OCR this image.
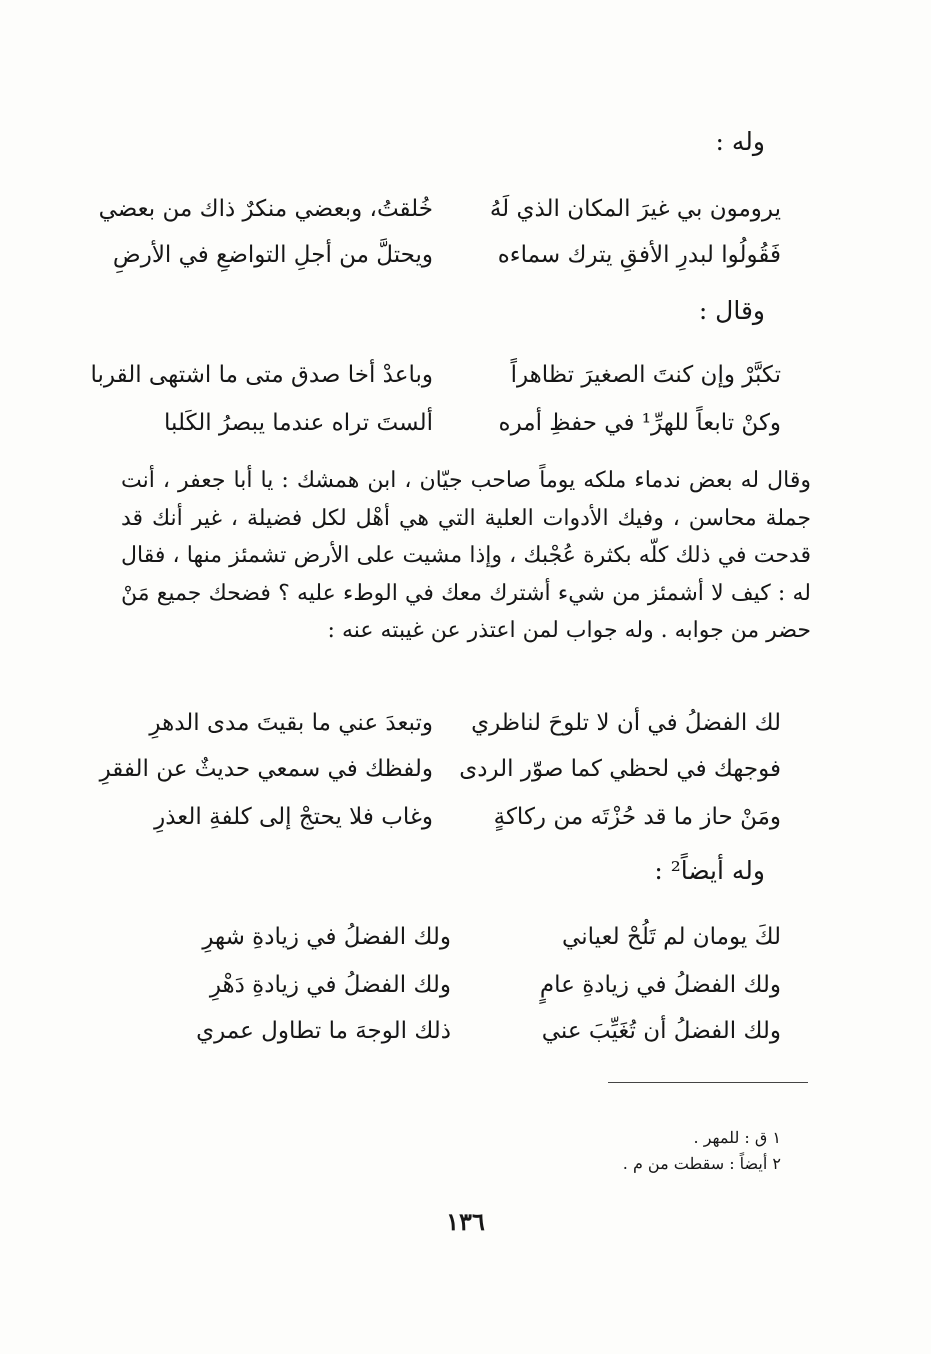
وله :
يرومون بي غيرَ المكان الذي لَهُ
خُلقتُ، وبعضي منكرٌ ذاك من بعضي
فَقُولُوا لبدرِ الأفقِ يترك سماءه
ويحتلَّ من أجلِ التواضعِ في الأرضِ
وقال :
تكبَّرْ وإن كنتَ الصغيرَ تظاهراً
وباعدْ أخا صدق متى ما اشتهى القربا
وكنْ تابعاً للهرِّ¹ في حفظِ أمره
ألستَ تراه عندما يبصرُ الكَلبا
وقال له بعض ندماء ملكه يوماً صاحب جيّان ، ابن همشك : يا أبا جعفر ، أنت جملة محاسن ، وفيك الأدوات العلية التي هي أهْل لكل فضيلة ، غير أنك قد قدحت في ذلك كلّه بكثرة عُجْبك ، وإذا مشيت على الأرض تشمئز منها ، فقال له : كيف لا أشمئز من شيء أشترك معك في الوطء عليه ؟ فضحك جميع مَنْ حضر من جوابه . وله جواب لمن اعتذر عن غيبته عنه :
لك الفضلُ في أن لا تلوحَ لناظري
وتبعدَ عني ما بقيتَ مدى الدهرِ
فوجهك في لحظي كما صوّر الردى
ولفظك في سمعي حديثٌ عن الفقرِ
ومَنْ حاز ما قد حُزْتَه من ركاكةٍ
وغاب فلا يحتجْ إلى كلفةِ العذرِ
وله أيضاً² :
لكَ يومان لم تَلُحْ لعياني
ولك الفضلُ في زيادةِ شهرِ
ولك الفضلُ في زيادةِ عامٍ
ولك الفضلُ في زيادةِ دَهْرِ
ولك الفضلُ أن تُغَيِّبَ عني
ذلك الوجهَ ما تطاول عمري
١ ق : للمهر .
٢ أيضاً : سقطت من م .
١٣٦
